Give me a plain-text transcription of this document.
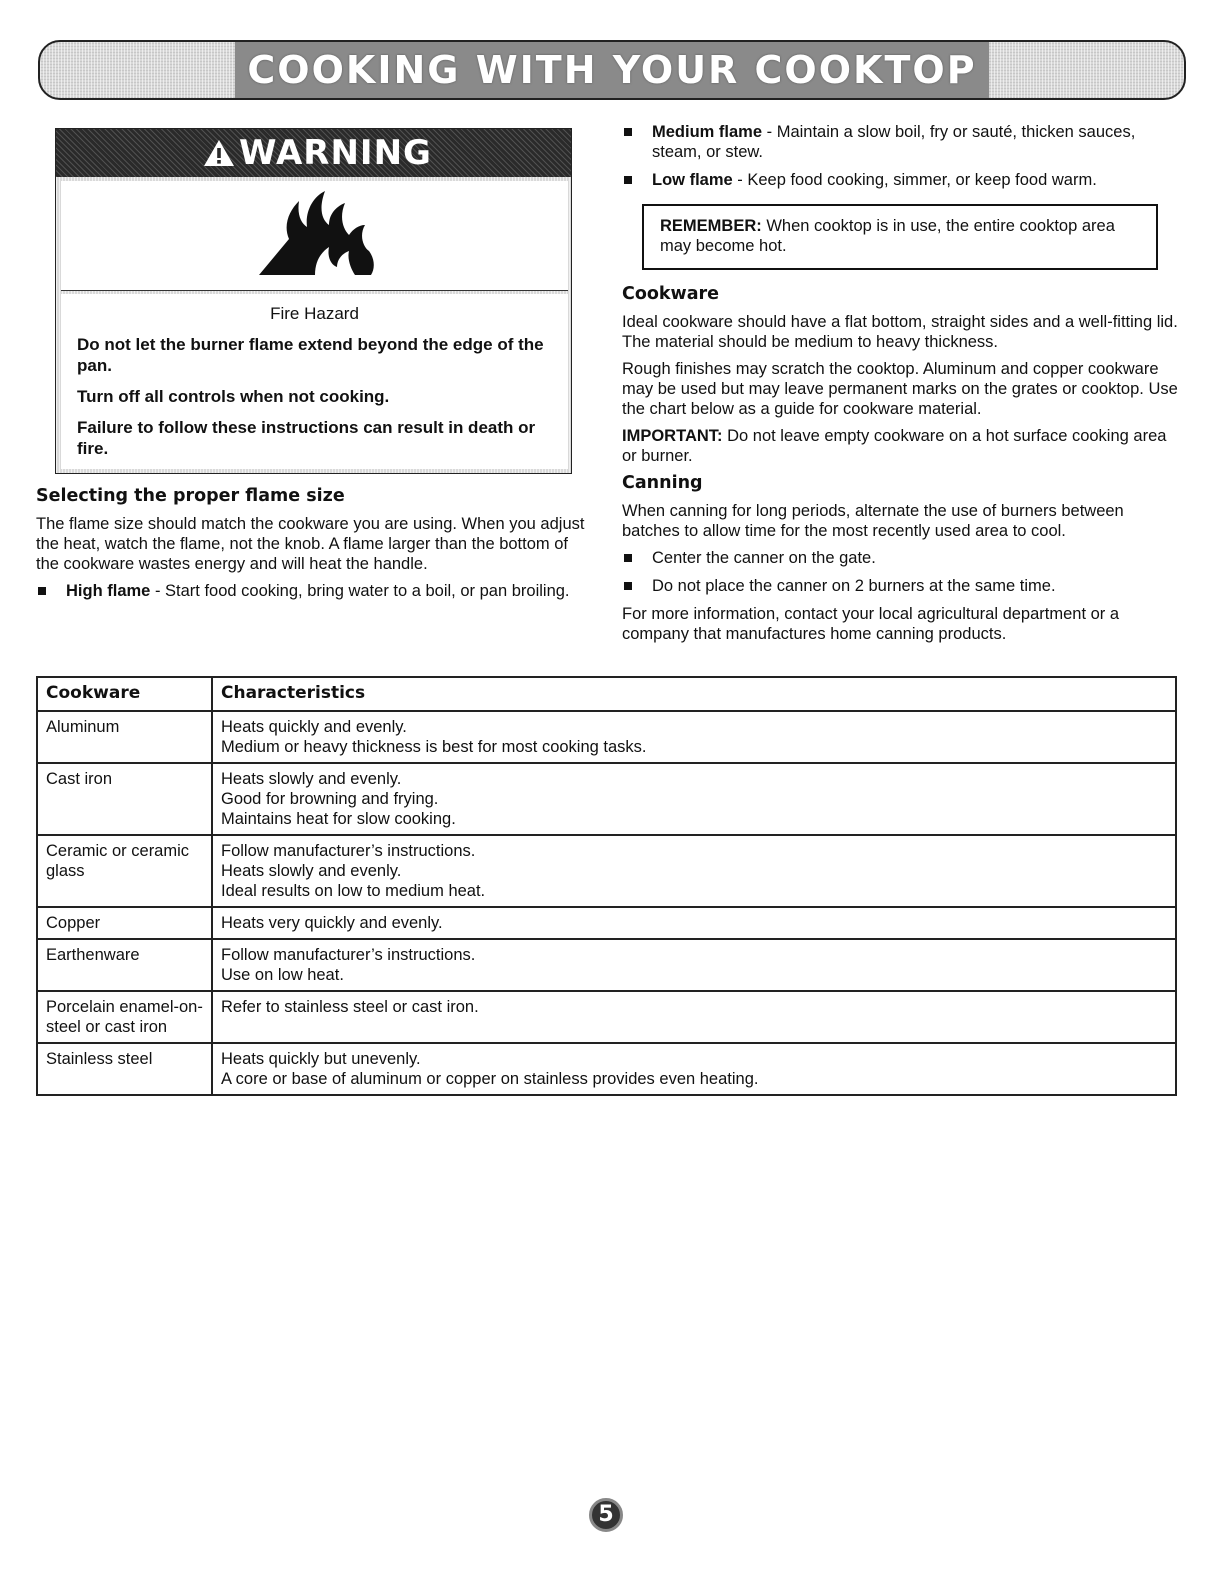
COOKING WITH YOUR COOKTOP
WARNING
Fire Hazard
Do not let the burner flame extend beyond the edge of the pan.
Turn off all controls when not cooking.
Failure to follow these instructions can result in death or fire.
Selecting the proper flame size

The flame size should match the cookware you are using. When you adjust the heat, watch the flame, not the knob. A flame larger than the bottom of the cookware wastes energy and will heat the handle.

High flame - Start food cooking, bring water to a boil, or pan broiling.
Medium flame - Maintain a slow boil, fry or sauté, thicken sauces, steam, or stew.
Low flame - Keep food cooking, simmer, or keep food warm.
REMEMBER: When cooktop is in use, the entire cooktop area may become hot.
Cookware

Ideal cookware should have a flat bottom, straight sides and a well-fitting lid. The material should be medium to heavy thickness.

Rough finishes may scratch the cooktop. Aluminum and copper cookware may be used but may leave permanent marks on the grates or cooktop. Use the chart below as a guide for cookware material.

IMPORTANT: Do not leave empty cookware on a hot surface cooking area or burner.

Canning

When canning for long periods, alternate the use of burners between batches to allow time for the most recently used area to cool.

Center the canner on the gate.
Do not place the canner on 2 burners at the same time.

For more information, contact your local agricultural department or a company that manufactures home canning products.

Cookware	Characteristics
Aluminum	Heats quickly and evenly.
Medium or heavy thickness is best for most cooking tasks.

Cast iron	Heats slowly and evenly.
Good for browning and frying.
Maintains heat for slow cooking.

Ceramic or ceramic glass	Follow manufacturer’s instructions.
Heats slowly and evenly.
Ideal results on low to medium heat.

Copper	Heats very quickly and evenly.

Earthenware	Follow manufacturer’s instructions.
Use on low heat.

Porcelain enamel-on-steel or cast iron	Refer to stainless steel or cast iron.

Stainless steel	Heats quickly but unevenly.
A core or base of aluminum or copper on stainless provides even heating.
5
